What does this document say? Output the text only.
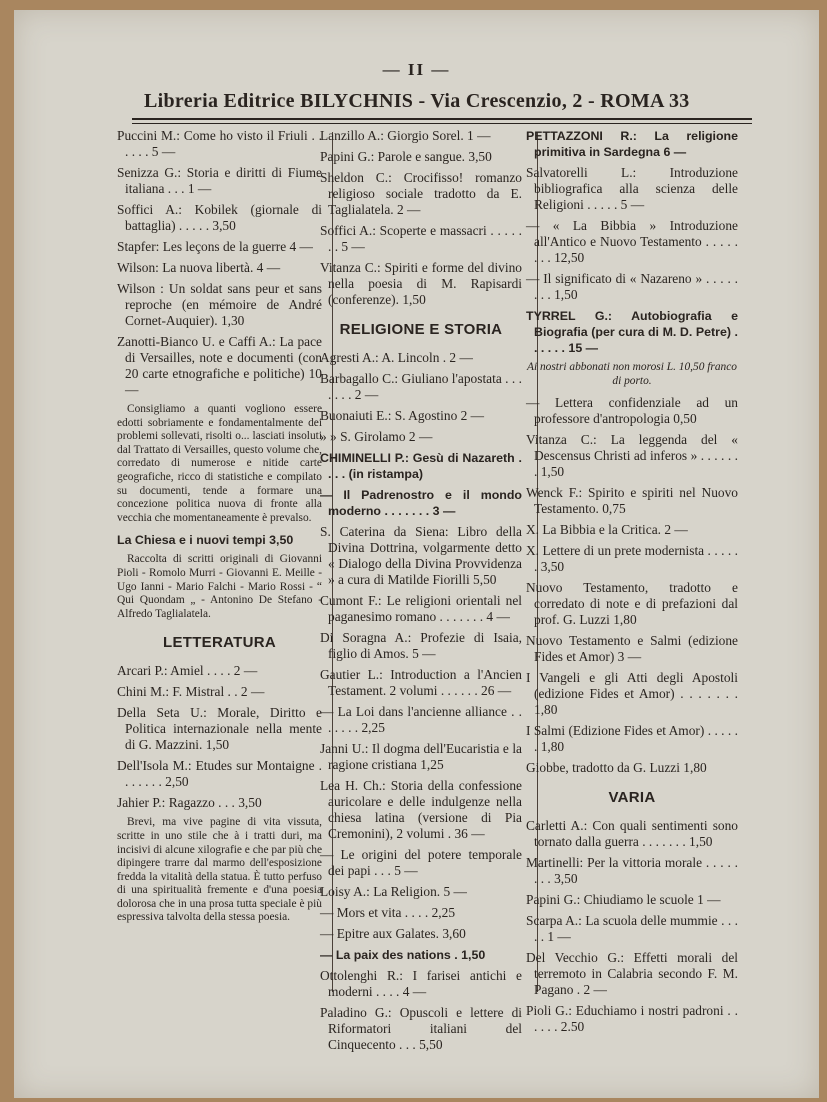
— II —
Libreria Editrice BILYCHNIS - Via Crescenzio, 2 - ROMA 33

Puccini M.: Come ho visto il Friuli . . . . . . 5 —

Senizza G.: Storia e diritti di Fiume italiana . . . 1 —

Soffici A.: Kobilek (giornale di battaglia) . . . . . 3,50

Stapfer: Les leçons de la guerre 4 —

Wilson: La nuova libertà. 4 —

Wilson : Un soldat sans peur et sans reproche (en mémoire de André Cornet-Auquier). 1,30

Zanotti-Bianco U. e Caffi A.: La pace di Versailles, note e documenti (con 20 carte etnografiche e politiche) 10 —

Consigliamo a quanti vogliono essere edotti sobriamente e fondamentalmente dei problemi sollevati, risolti o... lasciati insoluti dal Trattato di Versailles, questo volume che, corredato di numerose e nitide carte geografiche, ricco di statistiche e compilato su documenti, tende a formare una concezione politica nuova di fronte alla vecchia che momentaneamente è prevalso.

La Chiesa e i nuovi tempi 3,50

Raccolta di scritti originali di Giovanni Pioli - Romolo Murri - Giovanni E. Meille - Ugo Ianni - Mario Falchi - Mario Rossi - “ Qui Quondam „ - Antonino De Stefano - Alfredo Taglialatela.

LETTERATURA

Arcari P.: Amiel . . . . 2 —

Chini M.: F. Mistral . . 2 —

Della Seta U.: Morale, Diritto e Politica internazionale nella mente di G. Mazzini. 1,50

Dell'Isola M.: Etudes sur Montaigne . . . . . . . 2,50

Jahier P.: Ragazzo . . . 3,50

Brevi, ma vive pagine di vita vissuta, scritte in uno stile che à i tratti duri, ma incisivi di alcune xilografie e che par più che dipingere trarre dal marmo dell'esposizione fredda la vitalità della statua. È tutto perfuso di una spiritualità fremente e d'una poesia dolorosa che in una prosa tutta speciale è più espressiva talvolta della stessa poesia.

Lanzillo A.: Giorgio Sorel. 1 —

Papini G.: Parole e sangue. 3,50

Sheldon C.: Crocifisso! romanzo religioso sociale tradotto da E. Taglialatela. 2 —

Soffici A.: Scoperte e massacri . . . . . . . 5 —

Vitanza C.: Spiriti e forme del divino nella poesia di M. Rapisardi (conferenze). 1,50

RELIGIONE E STORIA

Agresti A.: A. Lincoln . 2 —

Barbagallo C.: Giuliano l'apostata . . . . . . . 2 —

Buonaiuti E.: S. Agostino 2 —

» » S. Girolamo 2 —

CHIMINELLI P.: Gesù di Nazareth . . . . (in ristampa)

— Il Padrenostro e il mondo moderno . . . . . . . 3 —

S. Caterina da Siena: Libro della Divina Dottrina, volgarmente detto « Dialogo della Divina Provvidenza » a cura di Matilde Fiorilli 5,50

Cumont F.: Le religioni orientali nel paganesimo romano . . . . . . . 4 —

Di Soragna A.: Profezie di Isaia, figlio di Amos. 5 —

Gautier L.: Introduction a l'Ancien Testament. 2 volumi . . . . . . 26 —

— La Loi dans l'ancienne alliance . . . . . . . 2,25

Janni U.: Il dogma dell'Eucaristia e la ragione cristiana 1,25

Lea H. Ch.: Storia della confessione auricolare e delle indulgenze nella chiesa latina (versione di Pia Cremonini), 2 volumi . 36 —

— Le origini del potere temporale dei papi . . . 5 —

Loisy A.: La Religion. 5 —

— Mors et vita . . . . 2,25

— Epitre aux Galates. 3,60

— La paix des nations . 1,50

Ottolenghi R.: I farisei antichi e moderni . . . . 4 —

Paladino G.: Opuscoli e lettere di Riformatori italiani del Cinquecento . . . 5,50

PETTAZZONI R.: La religione primitiva in Sardegna 6 —

Salvatorelli L.: Introduzione bibliografica alla scienza delle Religioni . . . . . 5 —

— « La Bibbia » Introduzione all'Antico e Nuovo Testamento . . . . . . . . 12,50

— Il significato di « Nazareno » . . . . . . . . 1,50

TYRREL G.: Autobiografia e Biografia (per cura di M. D. Petre) . . . . . . 15 —

Ai nostri abbonati non morosi L. 10,50 franco di porto.

— Lettera confidenziale ad un professore d'antropologia 0,50

Vitanza C.: La leggenda del « Descensus Christi ad inferos » . . . . . . . 1,50

Wenck F.: Spirito e spiriti nel Nuovo Testamento. 0,75

X. La Bibbia e la Critica. 2 —

X. Lettere di un prete modernista . . . . . . 3,50

Nuovo Testamento, tradotto e corredato di note e di prefazioni dal prof. G. Luzzi 1,80

Nuovo Testamento e Salmi (edizione Fides et Amor) 3 —

I Vangeli e gli Atti degli Apostoli (edizione Fides et Amor) . . . . . . . 1,80

I Salmi (Edizione Fides et Amor) . . . . . . 1,80

Giobbe, tradotto da G. Luzzi 1,80

VARIA

Carletti A.: Con quali sentimenti sono tornato dalla guerra . . . . . . . 1,50

Martinelli: Per la vittoria morale . . . . . . . . 3,50

Papini G.: Chiudiamo le scuole 1 —

Scarpa A.: La scuola delle mummie . . . . . 1 —

Del Vecchio G.: Effetti morali del terremoto in Calabria secondo F. M. Pagano . 2 —

Pioli G.: Educhiamo i nostri padroni . . . . . . 2.50
